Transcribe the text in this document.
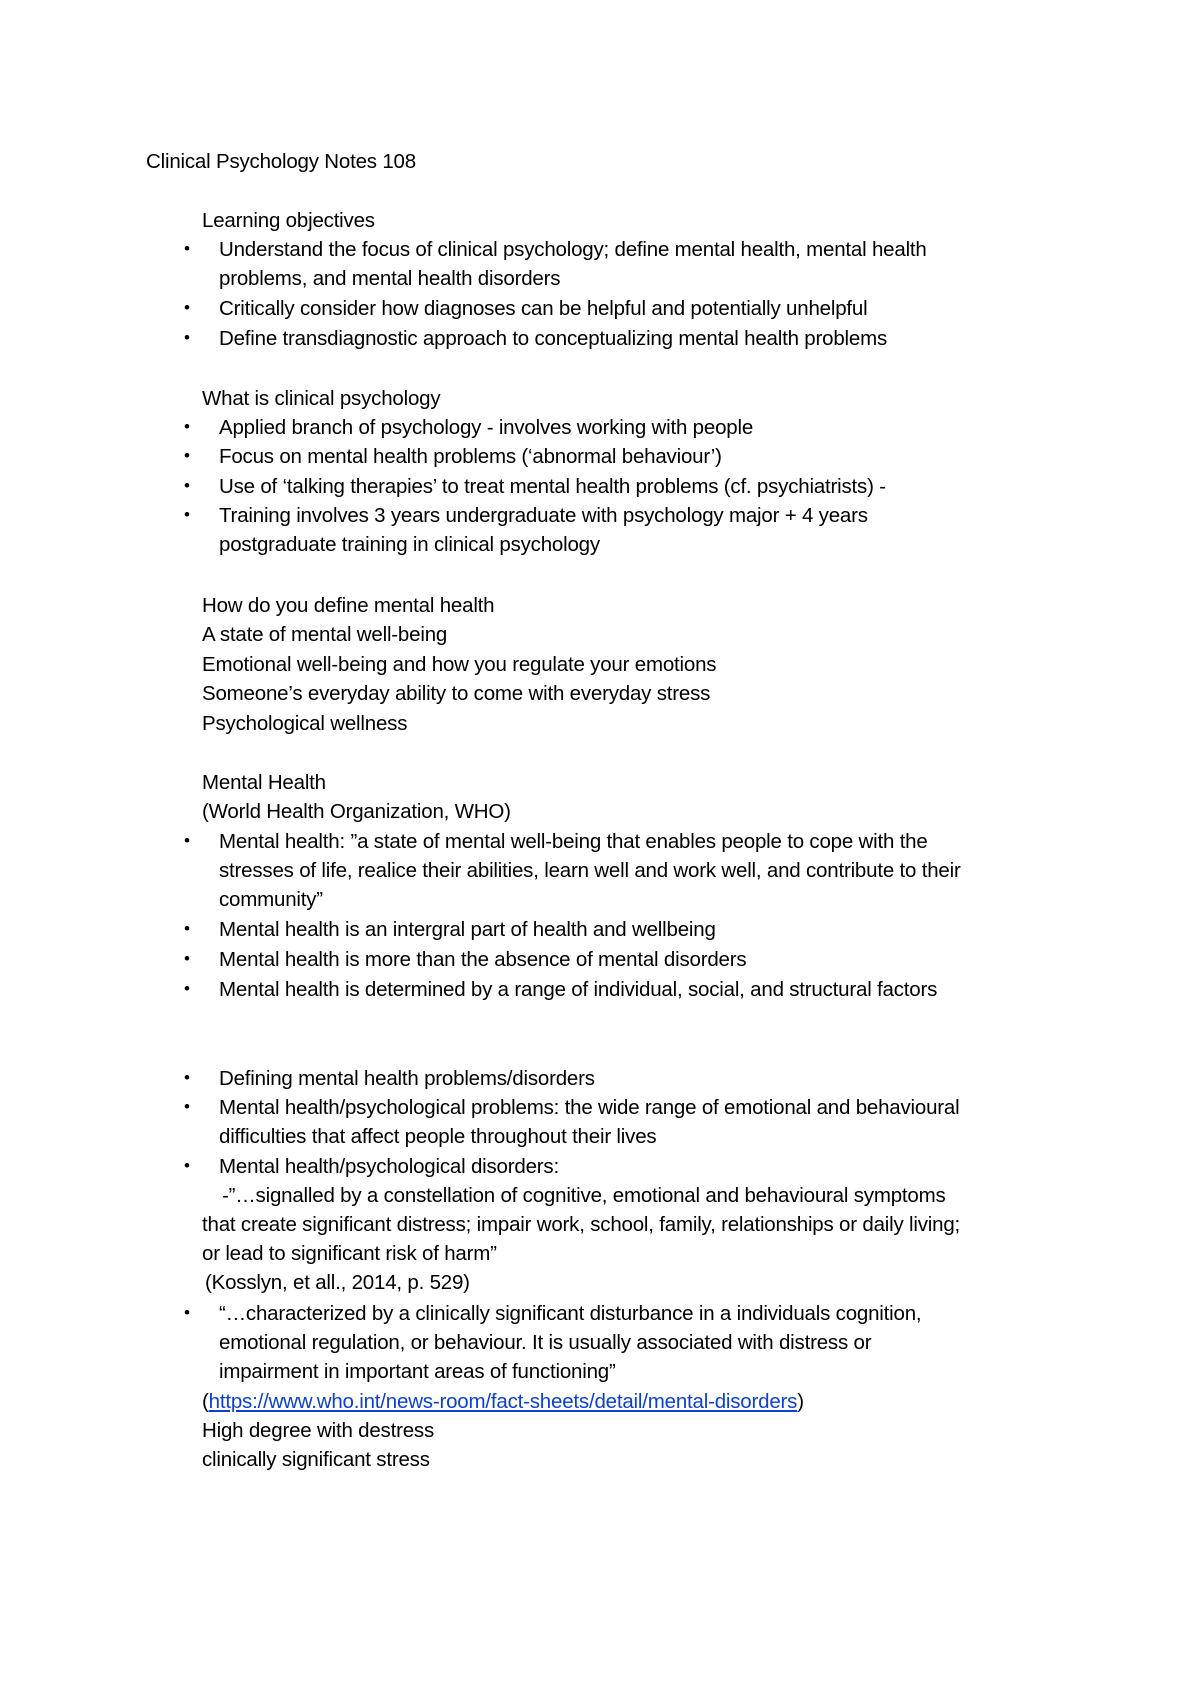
Clinical Psychology Notes 108
Learning objectives
• Understand the focus of clinical psychology; define mental health, mental health
problems, and mental health disorders
• Critically consider how diagnoses can be helpful and potentially unhelpful
• Define transdiagnostic approach to conceptualizing mental health problems
What is clinical psychology
• Applied branch of psychology - involves working with people
• Focus on mental health problems (‘abnormal behaviour’)
• Use of ‘talking therapies’ to treat mental health problems (cf. psychiatrists) -
• Training involves 3 years undergraduate with psychology major + 4 years
postgraduate training in clinical psychology
How do you define mental health
A state of mental well-being
Emotional well-being and how you regulate your emotions
Someone’s everyday ability to come with everyday stress
Psychological wellness
Mental Health
(World Health Organization, WHO)
• Mental health: ”a state of mental well-being that enables people to cope with the
stresses of life, realice their abilities, learn well and work well, and contribute to their
community”
• Mental health is an intergral part of health and wellbeing
• Mental health is more than the absence of mental disorders
• Mental health is determined by a range of individual, social, and structural factors
• Defining mental health problems/disorders
• Mental health/psychological problems: the wide range of emotional and behavioural
difficulties that affect people throughout their lives
• Mental health/psychological disorders:
-”…signalled by a constellation of cognitive, emotional and behavioural symptoms
that create significant distress; impair work, school, family, relationships or daily living;
or lead to significant risk of harm”
(Kosslyn, et all., 2014, p. 529)
• “…characterized by a clinically significant disturbance in a individuals cognition,
emotional regulation, or behaviour. It is usually associated with distress or
impairment in important areas of functioning”
(https://www.who.int/news-room/fact-sheets/detail/mental-disorders)
High degree with destress
clinically significant stress
